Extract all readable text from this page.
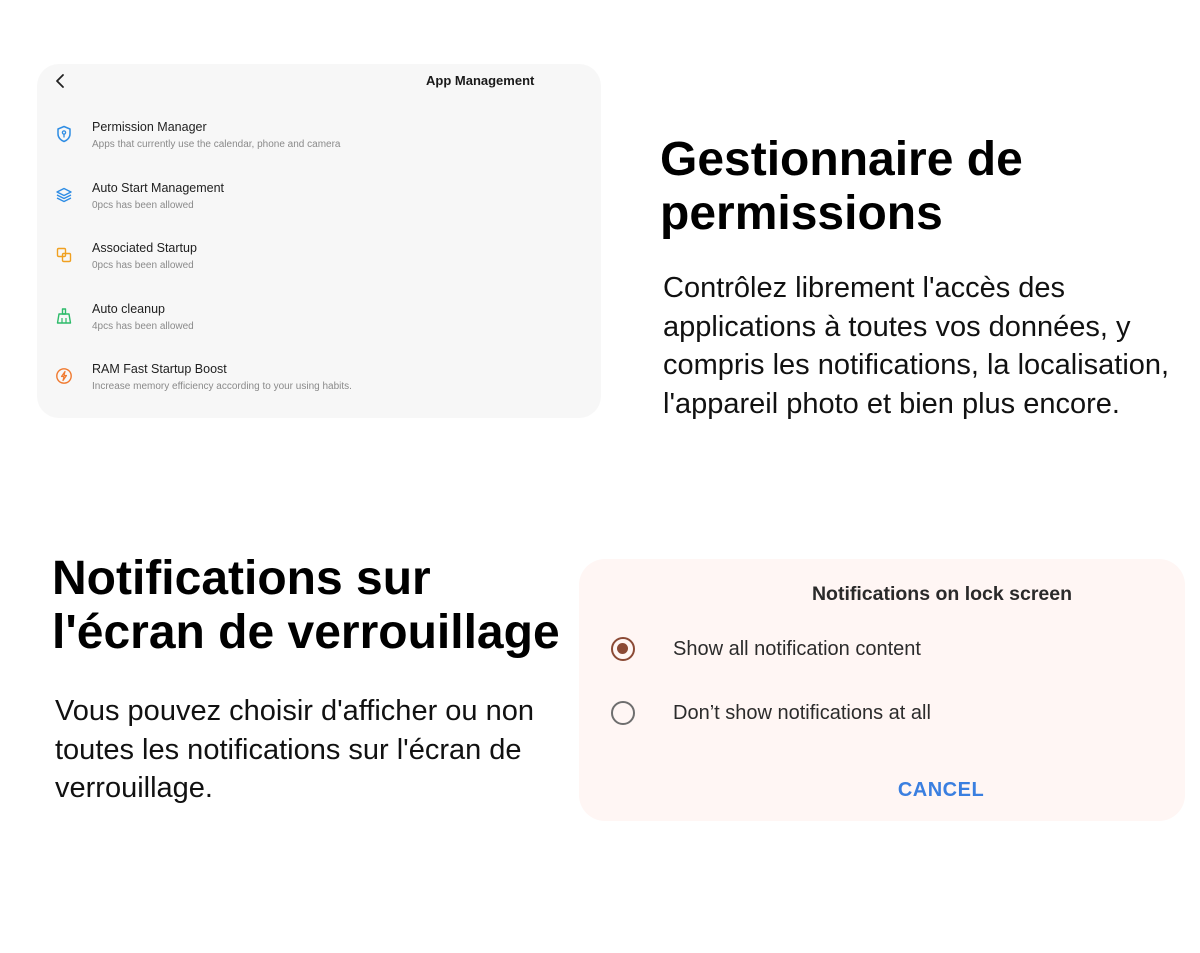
App Management
Permission Manager
Apps that currently use the calendar, phone and camera
Auto Start Management
0pcs has been allowed
Associated Startup
0pcs has been allowed
Auto cleanup
4pcs has been allowed
RAM Fast Startup Boost
Increase memory efficiency according to your using habits.
Gestionnaire de permissions

Contrôlez librement l'accès des applications à toutes vos données, y compris les notifications, la localisation, l'appareil photo et bien plus encore.

Notifications sur l'écran de verrouillage

Vous pouvez choisir d'afficher ou non toutes les notifications sur l'écran de verrouillage.

Notifications on lock screen
Show all notification content
Don’t show notifications at all
CANCEL
